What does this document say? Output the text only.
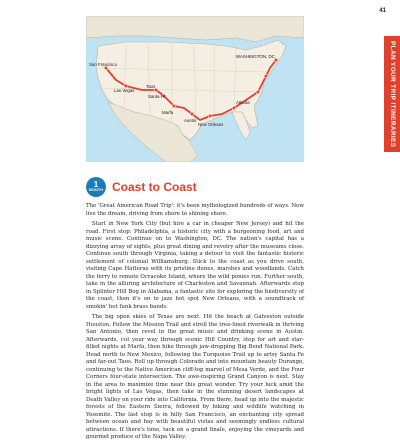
41
PLAN YOUR TRIP ITINERARIES
WASHINGTON, DC
San Francisco
Las Vegas
Taos
Santa Fe
Marfa
Austin
New Orleans
Atlanta
1
MONTH Coast to Coast

The 'Great American Road Trip': it's been mythologized hundreds of ways. Now live the dream, driving from shore to shining shore.

Start in New York City (but hire a car in cheaper New Jersey) and hit the road. First stop: Philadelphia, a historic city with a burgeoning food, art and music scene. Continue on to Washington, DC. The nation's capital has a dizzying array of sights, plus great dining and revelry after the museums close. Continue south through Virginia, taking a detour to visit the fantastic historic settlement of colonial Williamsburg. Stick to the coast as you drive south, visiting Cape Hatteras with its pristine dunes, marshes and woodlands. Catch the ferry to remote Ocracoke Island, where the wild ponies run. Further south, take in the alluring architecture of Charleston and Savannah. Afterwards stop in Splinter Hill Bog in Alabama, a fantastic site for exploring the biodiversity of the coast, then it's on to jazz hot spot New Orleans, with a soundtrack of smokin' hot funk brass bands.

The big open skies of Texas are next. Hit the beach at Galveston outside Houston. Follow the Mission Trail and stroll the tree-lined riverwalk in thriving San Antonio, then revel in the great music and drinking scene in Austin. Afterwards, cut your way through scenic Hill Country, stop for art and star-filled nights at Marfa, then hike through jaw-dropping Big Bend National Park. Head north to New Mexico, following the Turquoise Trail up to artsy Santa Fe and far-out Taos. Roll up through Colorado and into mountain beauty Durango, continuing to the Native American cliff-top marvel of Mesa Verde, and the Four Corners four-state intersection. The awe-inspiring Grand Canyon is next. Stay in the area to maximize time near this great wonder. Try your luck amid the bright lights of Las Vegas, then take in the stunning desert landscapes at Death Valley on your ride into California. From there, head up into the majestic forests of the Eastern Sierra, followed by hiking and wildlife watching in Yosemite. The last stop is in hilly San Francisco, an enchanting city spread between ocean and bay with beautiful vistas and seemingly endless cultural attractions. If there's time, tack on a grand finale, enjoying the vineyards and gourmet produce of the Napa Valley.
